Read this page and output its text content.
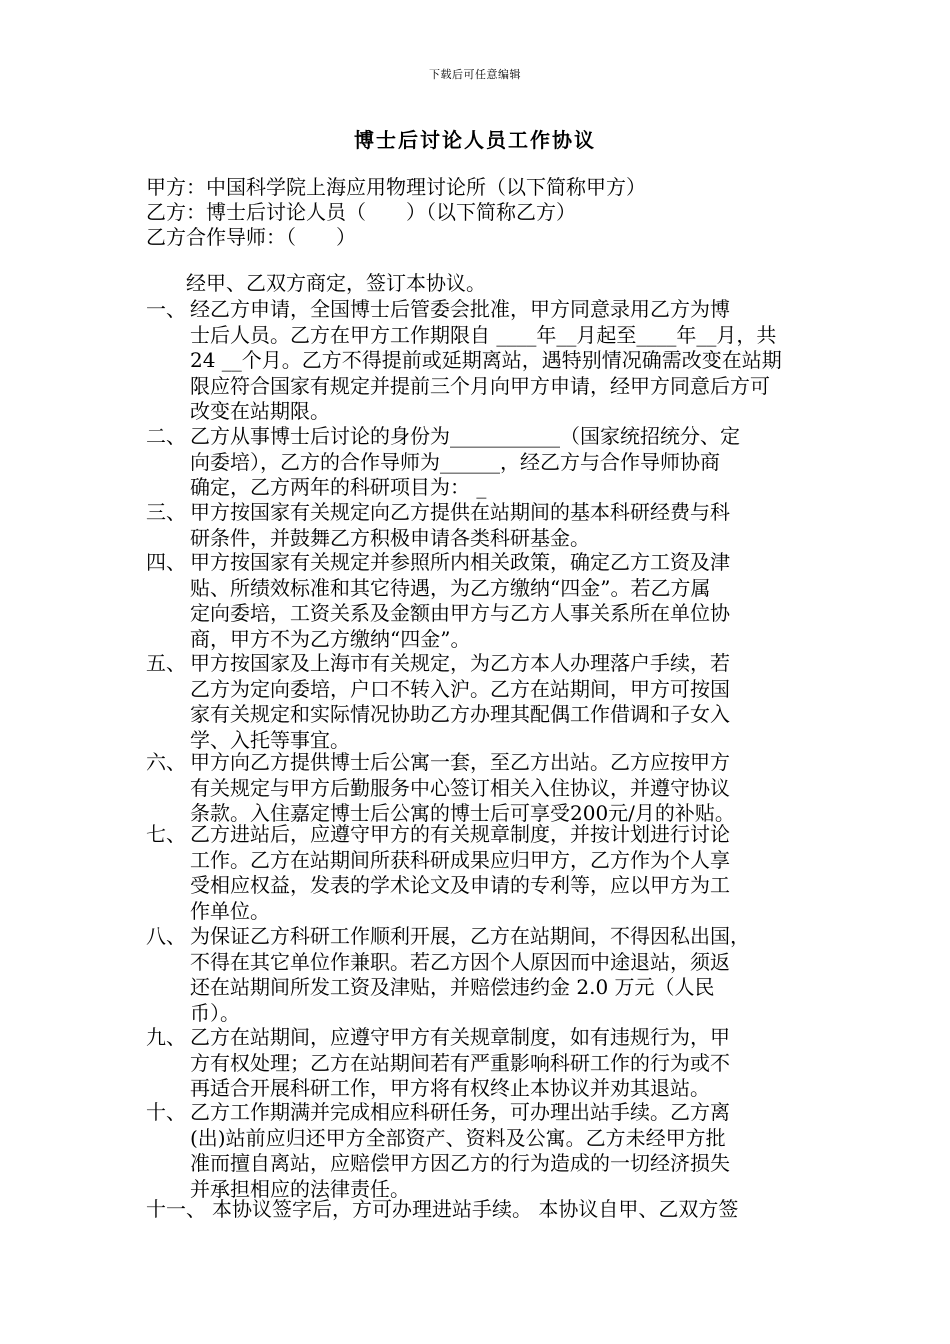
下载后可任意编辑
博士后讨论人员工作协议
甲方：中国科学院上海应用物理讨论所（以下简称甲方）
乙方：博士后讨论人员（　　）（以下简称乙方）
乙方合作导师：（　　）
　　经甲、乙双方商定，签订本协议。
一、 经乙方申请，全国博士后管委会批准，甲方同意录用乙方为博
士后人员。乙方在甲方工作期限自 ____年__月起至____年__月，共
24 __个月。乙方不得提前或延期离站，遇特别情况确需改变在站期
限应符合国家有规定并提前三个月向甲方申请，经甲方同意后方可
改变在站期限。
二、 乙方从事博士后讨论的身份为___________（国家统招统分、定
向委培），乙方的合作导师为______，经乙方与合作导师协商
确定，乙方两年的科研项目为： _
三、 甲方按国家有关规定向乙方提供在站期间的基本科研经费与科
研条件，并鼓舞乙方积极申请各类科研基金。
四、 甲方按国家有关规定并参照所内相关政策，确定乙方工资及津
贴、所绩效标准和其它待遇，为乙方缴纳“四金”。若乙方属
定向委培，工资关系及金额由甲方与乙方人事关系所在单位协
商，甲方不为乙方缴纳“四金”。
五、 甲方按国家及上海市有关规定，为乙方本人办理落户手续，若
乙方为定向委培，户口不转入沪。乙方在站期间，甲方可按国
家有关规定和实际情况协助乙方办理其配偶工作借调和子女入
学、入托等事宜。
六、 甲方向乙方提供博士后公寓一套，至乙方出站。乙方应按甲方
有关规定与甲方后勤服务中心签订相关入住协议，并遵守协议
条款。入住嘉定博士后公寓的博士后可享受200元/月的补贴。
七、 乙方进站后，应遵守甲方的有关规章制度，并按计划进行讨论
工作。乙方在站期间所获科研成果应归甲方，乙方作为个人享
受相应权益，发表的学术论文及申请的专利等，应以甲方为工
作单位。
八、 为保证乙方科研工作顺利开展，乙方在站期间，不得因私出国，
不得在其它单位作兼职。若乙方因个人原因而中途退站，须返
还在站期间所发工资及津贴，并赔偿违约金 2.0 万元（人民
币）。
九、 乙方在站期间，应遵守甲方有关规章制度，如有违规行为，甲
方有权处理；乙方在站期间若有严重影响科研工作的行为或不
再适合开展科研工作，甲方将有权终止本协议并劝其退站。
十、 乙方工作期满并完成相应科研任务，可办理出站手续。乙方离
(出)站前应归还甲方全部资产、资料及公寓。乙方未经甲方批
准而擅自离站，应赔偿甲方因乙方的行为造成的一切经济损失
并承担相应的法律责任。
十一、 本协议签字后，方可办理进站手续。 本协议自甲、乙双方签
